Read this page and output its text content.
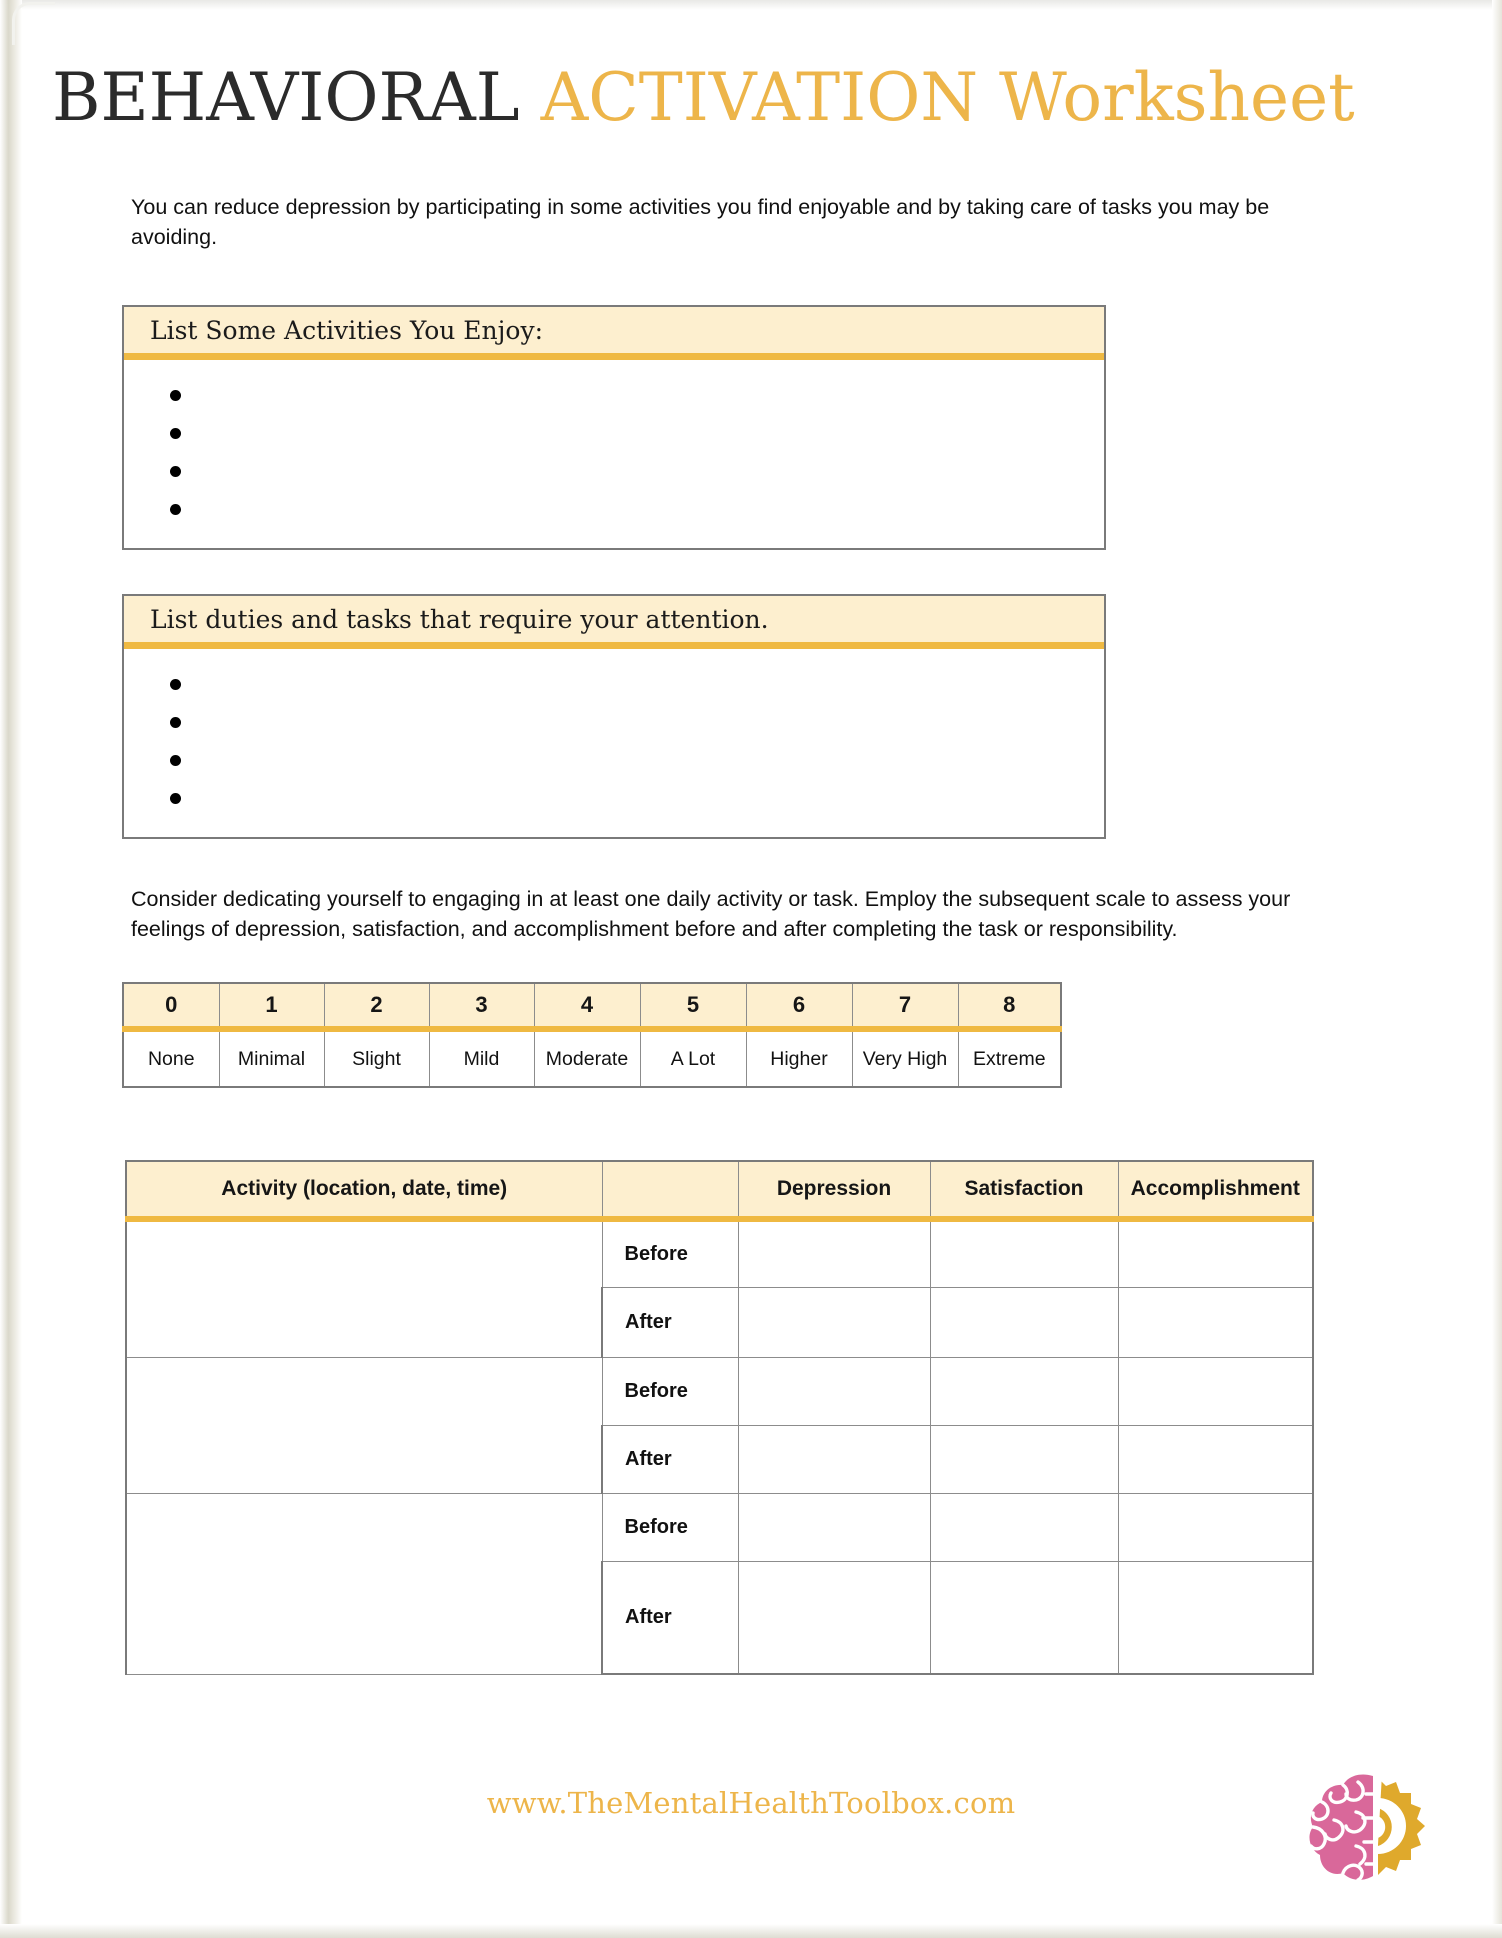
BEHAVIORAL ACTIVATION Worksheet
You can reduce depression by participating in some activities you find enjoyable and by taking care of tasks you may be avoiding.
List Some Activities You Enjoy:
List duties and tasks that require your attention.
Consider dedicating yourself to engaging in at least one daily activity or task. Employ the subsequent scale to assess your feelings of depression, satisfaction, and accomplishment before and after completing the task or responsibility.
0	1	2	3	4	5	6	7	8
None	Minimal	Slight	Mild	Moderate	A Lot	Higher	Very High	Extreme
Activity (location, date, time)		Depression	Satisfaction	Accomplishment
	Before			
	After			
	Before			
	After			
	Before			
	After			
www.TheMentalHealthToolbox.com
